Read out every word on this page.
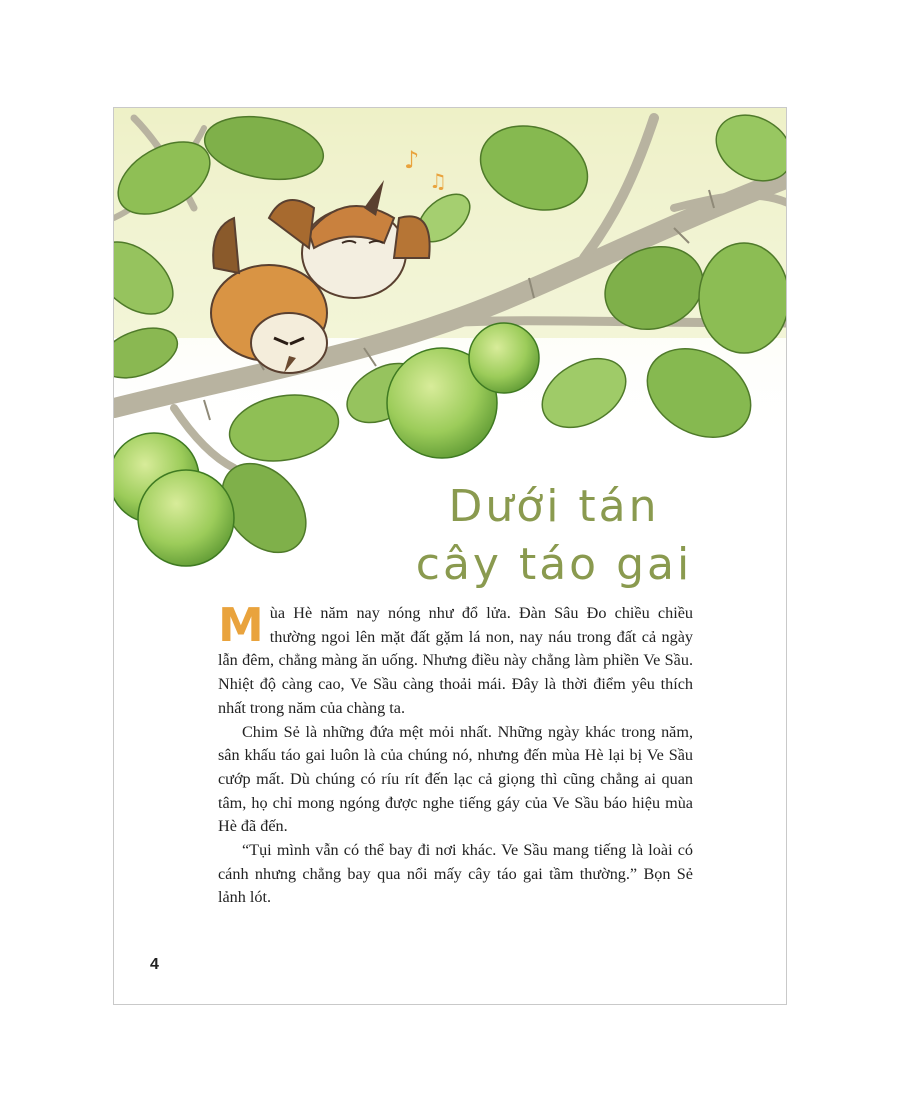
♪
♫
Dưới tán
cây táo gai

Mùa Hè năm nay nóng như đổ lửa. Đàn Sâu Đo chiều chiều thường ngoi lên mặt đất gặm lá non, nay náu trong đất cả ngày lẫn đêm, chẳng màng ăn uống. Nhưng điều này chẳng làm phiền Ve Sầu. Nhiệt độ càng cao, Ve Sầu càng thoải mái. Đây là thời điểm yêu thích nhất trong năm của chàng ta.

Chim Sẻ là những đứa mệt mỏi nhất. Những ngày khác trong năm, sân khấu táo gai luôn là của chúng nó, nhưng đến mùa Hè lại bị Ve Sầu cướp mất. Dù chúng có ríu rít đến lạc cả giọng thì cũng chẳng ai quan tâm, họ chỉ mong ngóng được nghe tiếng gáy của Ve Sầu báo hiệu mùa Hè đã đến.

“Tụi mình vẫn có thể bay đi nơi khác. Ve Sầu mang tiếng là loài có cánh nhưng chẳng bay qua nổi mấy cây táo gai tầm thường.” Bọn Sẻ lảnh lót.

4
